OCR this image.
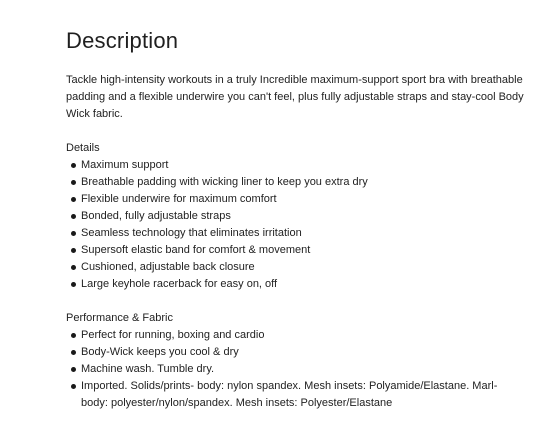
Description

Tackle high-intensity workouts in a truly Incredible maximum-support sport bra with breathable padding and a flexible underwire you can't feel, plus fully adjustable straps and stay-cool Body Wick fabric.

Details

Maximum support
Breathable padding with wicking liner to keep you extra dry
Flexible underwire for maximum comfort
Bonded, fully adjustable straps
Seamless technology that eliminates irritation
Supersoft elastic band for comfort & movement
Cushioned, adjustable back closure
Large keyhole racerback for easy on, off

Performance & Fabric

Perfect for running, boxing and cardio
Body-Wick keeps you cool & dry
Machine wash. Tumble dry.
Imported. Solids/prints- body: nylon spandex. Mesh insets: Polyamide/Elastane. Marl- body: polyester/nylon/spandex. Mesh insets: Polyester/Elastane
